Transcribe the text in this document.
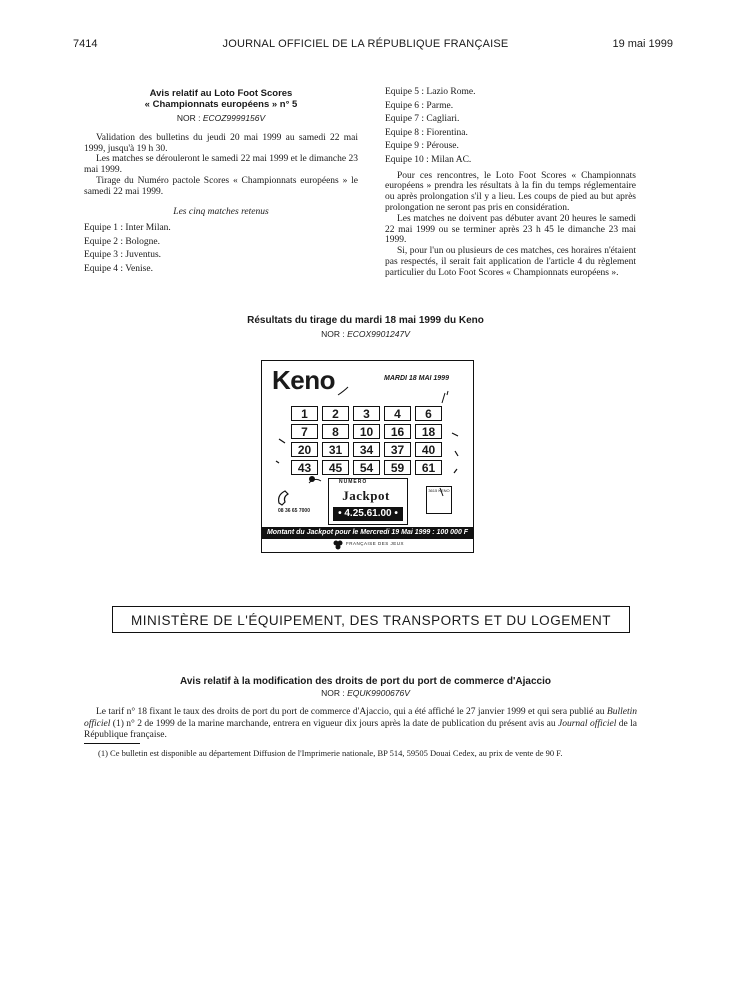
7414	JOURNAL OFFICIEL DE LA RÉPUBLIQUE FRANÇAISE	19 mai 1999
Avis relatif au Loto Foot Scores
« Championnats européens » n° 5
NOR : ECOZ9999156V

Validation des bulletins du jeudi 20 mai 1999 au samedi 22 mai 1999, jusqu'à 19 h 30.

Les matches se dérouleront le samedi 22 mai 1999 et le dimanche 23 mai 1999.

Tirage du Numéro pactole Scores « Championnats européens » le samedi 22 mai 1999.

Les cinq matches retenus

Equipe 1 : Inter Milan.

Equipe 2 : Bologne.

Equipe 3 : Juventus.

Equipe 4 : Venise.

Equipe 5 : Lazio Rome.

Equipe 6 : Parme.

Equipe 7 : Cagliari.

Equipe 8 : Fiorentina.

Equipe 9 : Pérouse.

Equipe 10 : Milan AC.

Pour ces rencontres, le Loto Foot Scores « Championnats européens » prendra les résultats à la fin du temps réglementaire ou après prolongation s'il y a lieu. Les coups de pied au but après prolongation ne seront pas pris en considération.

Les matches ne doivent pas débuter avant 20 heures le samedi 22 mai 1999 ou se terminer après 23 h 45 le dimanche 23 mai 1999.

Si, pour l'un ou plusieurs de ces matches, ces horaires n'étaient pas respectés, il serait fait application de l'article 4 du règlement particulier du Loto Foot Scores « Championnats européens ».

Résultats du tirage du mardi 18 mai 1999 du Keno
NOR : ECOX9901247V
Keno	MARDI 18 MAI 1999
1	2	3	4	6
7	8	10	16	18
20	31	34	37	40
43	45	54	59	61
08 36 65 7000
NUMÉRO
Jackpot
• 4.25.61.00 •
3615 KENO
Montant du Jackpot pour le Mercredi 19 Mai 1999 : 100 000 F
FRANÇAISE DES JEUX
MINISTÈRE DE L'ÉQUIPEMENT, DES TRANSPORTS ET DU LOGEMENT
Avis relatif à la modification des droits de port du port de commerce d'Ajaccio
NOR : EQUK9900676V
Le tarif n° 18 fixant le taux des droits de port du port de commerce d'Ajaccio, qui a été affiché le 27 janvier 1999 et qui sera publié au Bulletin officiel (1) n° 2 de 1999 de la marine marchande, entrera en vigueur dix jours après la date de publication du présent avis au Journal officiel de la République française.
(1) Ce bulletin est disponible au département Diffusion de l'Imprimerie nationale, BP 514, 59505 Douai Cedex, au prix de vente de 90 F.
